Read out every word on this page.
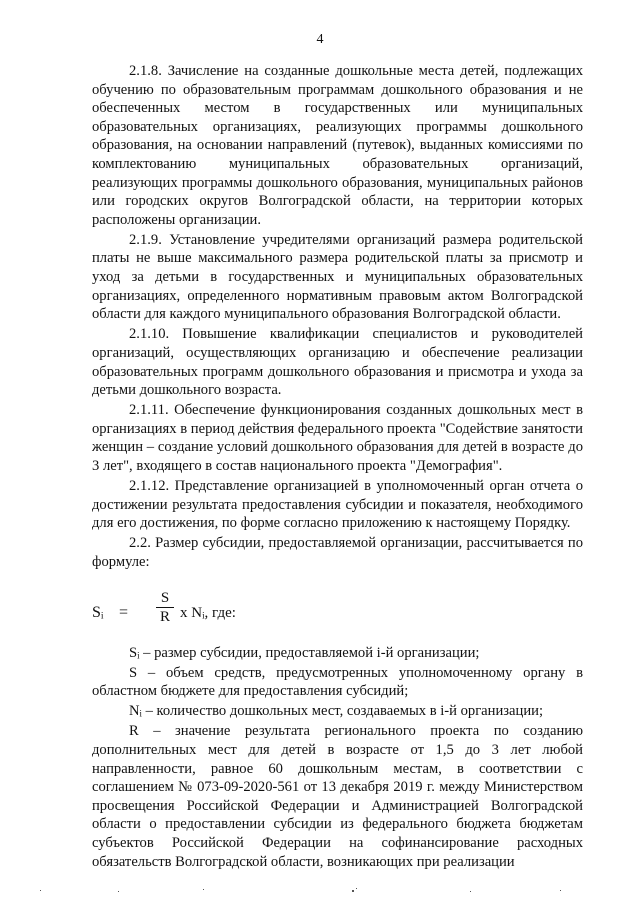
4

2.1.8. Зачисление на созданные дошкольные места детей, подлежащих обучению по образовательным программам дошкольного образования и не обеспеченных местом в государственных или муниципальных образовательных организациях, реализующих программы дошкольного образования, на основании направлений (путевок), выданных комиссиями по комплектованию муниципальных образовательных организаций, реализующих программы дошкольного образования, муниципальных районов или городских округов Волгоградской области, на территории которых расположены организации.

2.1.9. Установление учредителями организаций размера родительской платы не выше максимального размера родительской платы за присмотр и уход за детьми в государственных и муниципальных образовательных организациях, определенного нормативным правовым актом Волгоградской области для каждого муниципального образования Волгоградской области.

2.1.10. Повышение квалификации специалистов и руководителей организаций, осуществляющих организацию и обеспечение реализации образовательных программ дошкольного образования и присмотра и ухода за детьми дошкольного возраста.

2.1.11. Обеспечение функционирования созданных дошкольных мест в организациях в период действия федерального проекта "Содействие занятости женщин – создание условий дошкольного образования для детей в возрасте до 3 лет", входящего в состав национального проекта "Демография".

2.1.12. Представление организацией в уполномоченный орган отчета о достижении результата предоставления субсидии и показателя, необходимого для его достижения, по форме согласно приложению к настоящему Порядку.

2.2. Размер субсидии, предоставляемой организации, рассчитывается по формуле:

Sᵢ =
S
R x Nᵢ, где:

Sᵢ – размер субсидии, предоставляемой i-й организации;

S – объем средств, предусмотренных уполномоченному органу в областном бюджете для предоставления субсидий;

Nᵢ – количество дошкольных мест, создаваемых в i-й организации;

R – значение результата регионального проекта по созданию дополнительных мест для детей в возрасте от 1,5 до 3 лет любой направленности, равное 60 дошкольным местам, в соответствии с соглашением № 073-09-2020-561 от 13 декабря 2019 г. между Министерством просвещения Российской Федерации и Администрацией Волгоградской области о предоставлении субсидии из федерального бюджета бюджетам субъектов Российской Федерации на софинансирование расходных обязательств Волгоградской области, возникающих при реализации
